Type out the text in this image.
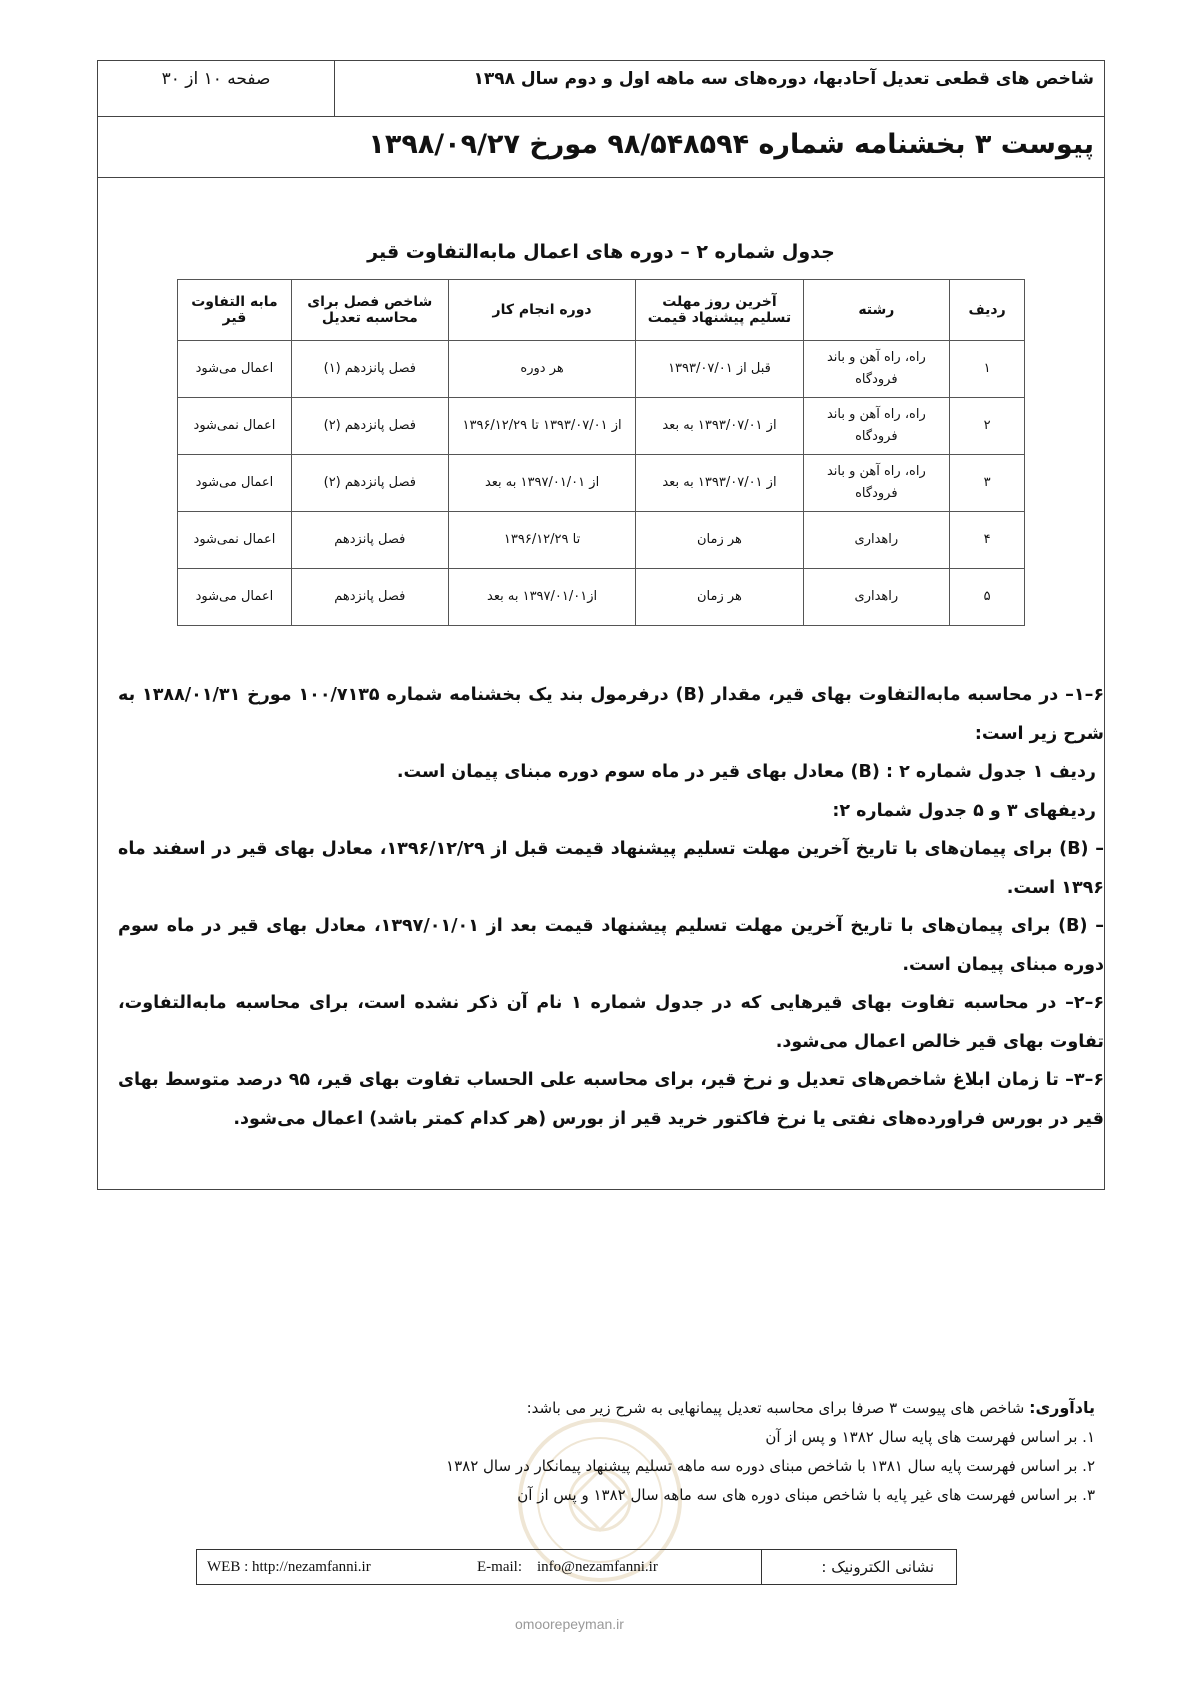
شاخص های قطعی تعدیل آحادبها، دوره‌های سه ماهه اول و دوم سال ۱۳۹۸
صفحه ۱۰ از ۳۰
پیوست ۳ بخشنامه شماره ۹۸/۵۴۸۵۹۴ مورخ ۱۳۹۸/۰۹/۲۷
جدول شماره ۲ – دوره های اعمال مابه‌التفاوت قیر
ردیف	رشته	آخرین روز مهلت تسلیم پیشنهاد قیمت	دوره انجام کار	شاخص فصل برای محاسبه تعدیل	مابه التفاوت قیر
۱	راه، راه آهن و باند فرودگاه	قبل از ۱۳۹۳/۰۷/۰۱	هر دوره	فصل پانزدهم (۱)	اعمال می‌شود
۲	راه، راه آهن و باند فرودگاه	از ۱۳۹۳/۰۷/۰۱ به بعد	از ۱۳۹۳/۰۷/۰۱ تا ۱۳۹۶/۱۲/۲۹	فصل پانزدهم (۲)	اعمال نمی‌شود
۳	راه، راه آهن و باند فرودگاه	از ۱۳۹۳/۰۷/۰۱ به بعد	از ۱۳۹۷/۰۱/۰۱ به بعد	فصل پانزدهم (۲)	اعمال می‌شود
۴	راهداری	هر زمان	تا ۱۳۹۶/۱۲/۲۹	فصل پانزدهم	اعمال نمی‌شود
۵	راهداری	هر زمان	از۱۳۹۷/۰۱/۰۱ به بعد	فصل پانزدهم	اعمال می‌شود

۶–۱– در محاسبه مابه‌التفاوت بهای قیر، مقدار (B) درفرمول بند یک بخشنامه شماره ۱۰۰/۷۱۳۵ مورخ ۱۳۸۸/۰۱/۳۱ به شرح زیر است:

ردیف ۱ جدول شماره ۲ : (B) معادل بهای قیر در ماه سوم دوره مبنای پیمان است.

ردیفهای ۳ و ۵ جدول شماره ۲:

– (B) برای پیمان‌های با تاریخ آخرین مهلت تسلیم پیشنهاد قیمت قبل از ۱۳۹۶/۱۲/۲۹، معادل بهای قیر در اسفند ماه ۱۳۹۶ است.

– (B) برای پیمان‌های با تاریخ آخرین مهلت تسلیم پیشنهاد قیمت بعد از ۱۳۹۷/۰۱/۰۱، معادل بهای قیر در ماه سوم دوره مبنای پیمان است.

۶–۲– در محاسبه تفاوت بهای قیرهایی که در جدول شماره ۱ نام آن ذکر نشده است، برای محاسبه مابه‌التفاوت، تفاوت بهای قیر خالص اعمال می‌شود.

۶–۳– تا زمان ابلاغ شاخص‌های تعدیل و نرخ قیر، برای محاسبه علی الحساب تفاوت بهای قیر، ۹۵ درصد متوسط بهای قیر در بورس فراورده‌های نفتی یا نرخ فاکتور خرید قیر از بورس (هر کدام کمتر باشد) اعمال می‌شود.

یادآوری: شاخص های پیوست ۳ صرفا برای محاسبه تعدیل پیمانهایی به شرح زیر می باشد:

۱. بر اساس فهرست های پایه سال ۱۳۸۲ و پس از آن

۲. بر اساس فهرست پایه سال ۱۳۸۱ با شاخص مبنای دوره سه ماهه تسلیم پیشنهاد پیمانکار در سال ۱۳۸۲

۳. بر اساس فهرست های غیر پایه با شاخص مبنای دوره های سه ماهه سال ۱۳۸۲ و پس از آن

نشانی الکترونیک :
E-mail:    info@nezamfanni.ir
WEB : http://nezamfanni.ir
omoorepeyman.ir
